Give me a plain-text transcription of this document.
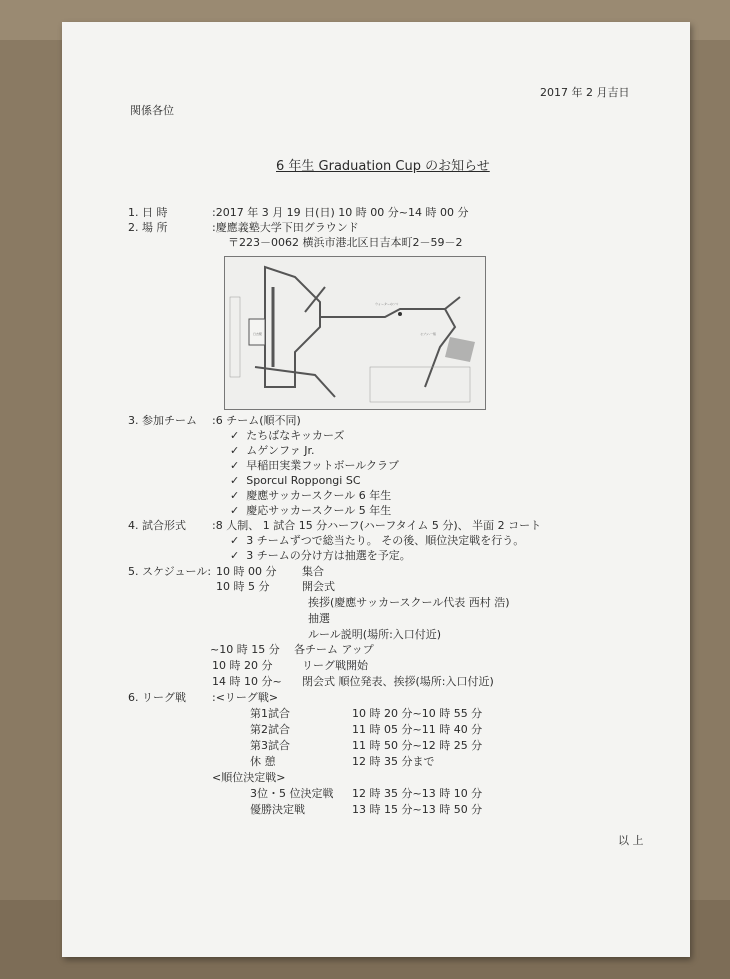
2017 年 2 月吉日
関係各位
6 年生 Graduation Cup のお知らせ
1. 日 時	:2017 年 3 月 19 日(日) 10 時 00 分~14 時 00 分
2. 場 所	:慶應義塾大学下田グラウンド
〒223－0062 横浜市港北区日吉本町2－59－2
日吉駅
ウォーターのソリ
セブン-一般
3. 参加チーム :6 チーム(順不同)
✓ たちばなキッカーズ
✓ ムゲンファ Jr.
✓ 早稲田実業フットボールクラブ
✓ Sporcul Roppongi SC
✓ 慶應サッカースクール 6 年生
✓ 慶応サッカースクール 5 年生
4. 試合形式 :8 人制、 1 試合 15 分ハーフ(ハーフタイム 5 分)、 半面 2 コート
✓ 3 チームずつで総当たり。 その後、順位決定戦を行う。
✓ 3 チームの分け方は抽選を予定。
5. スケジュール: 10 時 00 分 集合
10 時 5 分	開会式
挨拶(慶應サッカースクール代表 西村 浩)
抽選
ルール説明(場所:入口付近)
~10 時 15 分 各チーム アップ
10 時 20 分	リーグ戦開始
14 時 10 分~ 閉会式 順位発表、挨拶(場所:入口付近)
6. リーグ戦 :<リーグ戦>
第1試合	10 時 20 分~10 時 55 分
第2試合	11 時 05 分~11 時 40 分
第3試合	11 時 50 分~12 時 25 分
休 憩	12 時 35 分まで
<順位決定戦>
3位・5 位決定戦 12 時 35 分~13 時 10 分
優勝決定戦	13 時 15 分~13 時 50 分
以 上
